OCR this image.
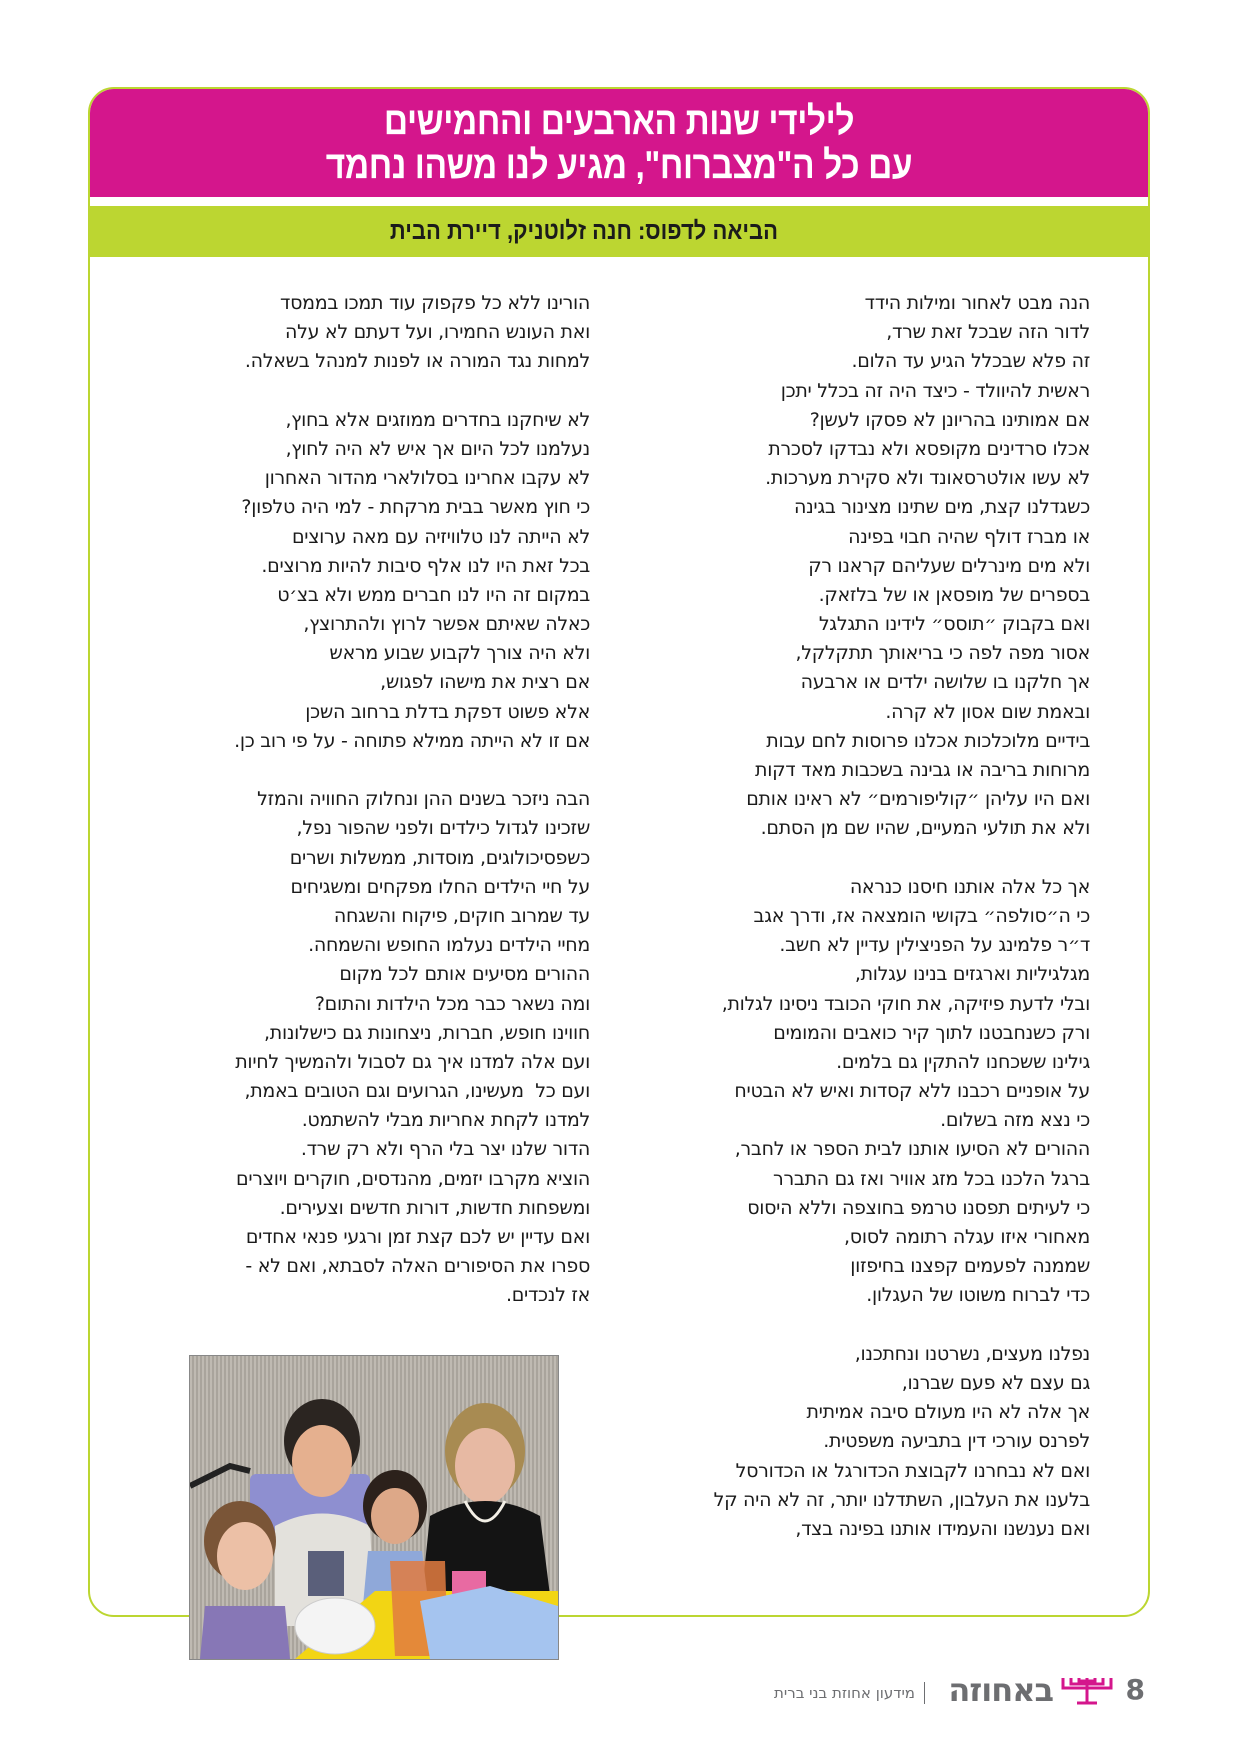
לילידי שנות הארבעים והחמישים
עם כל ה"מצברוח", מגיע לנו משהו נחמד
הביאה לדפוס: חנה זלוטניק, דיירת הבית
הנה מבט לאחור ומילות הידד
לדור הזה שבכל זאת שרד,
זה פלא שבכלל הגיע עד הלום.
ראשית להיוולד - כיצד היה זה בכלל יתכן
אם אמותינו בהריונן לא פסקו לעשן?
אכלו סרדינים מקופסא ולא נבדקו לסכרת
לא עשו אולטרסאונד ולא סקירת מערכות.
כשגדלנו קצת, מים שתינו מצינור בגינה
או מברז דולף שהיה חבוי בפינה
ולא מים מינרלים שעליהם קראנו רק
בספרים של מופסאן או של בלזאק.
ואם בקבוק ״תוסס״ לידינו התגלגל
אסור מפה לפה כי בריאותך תתקלקל,
אך חלקנו בו שלושה ילדים או ארבעה
ובאמת שום אסון לא קרה.
בידיים מלוכלכות אכלנו פרוסות לחם עבות
מרוחות בריבה או גבינה בשכבות מאד דקות
ואם היו עליהן ״קוליפורמים״ לא ראינו אותם
ולא את תולעי המעיים, שהיו שם מן הסתם.
אך כל אלה אותנו חיסנו כנראה
כי ה״סולפה״ בקושי הומצאה אז, ודרך אגב
ד״ר פלמינג על הפניצילין עדיין לא חשב.
מגלגיליות וארגזים בנינו עגלות,
ובלי לדעת פיזיקה, את חוקי הכובד ניסינו לגלות,
ורק כשנחבטנו לתוך קיר כואבים והמומים
גילינו ששכחנו להתקין גם בלמים.
על אופניים רכבנו ללא קסדות ואיש לא הבטיח
כי נצא מזה בשלום.
ההורים לא הסיעו אותנו לבית הספר או לחבר,
ברגל הלכנו בכל מזג אוויר ואז גם התברר
כי לעיתים תפסנו טרמפ בחוצפה וללא היסוס
מאחורי איזו עגלה רתומה לסוס,
שממנה לפעמים קפצנו בחיפזון
כדי לברוח משוטו של העגלון.
נפלנו מעצים, נשרטנו ונחתכנו,
גם עצם לא פעם שברנו,
אך אלה לא היו מעולם סיבה אמיתית
לפרנס עורכי דין בתביעה משפטית.
ואם לא נבחרנו לקבוצת הכדורגל או הכדורסל
בלענו את העלבון, השתדלנו יותר, זה לא היה קל
ואם נענשנו והעמידו אותנו בפינה בצד,
הורינו ללא כל פקפוק עוד תמכו בממסד
ואת העונש החמירו, ועל דעתם לא עלה
למחות נגד המורה או לפנות למנהל בשאלה.
לא שיחקנו בחדרים ממוזגים אלא בחוץ,
נעלמנו לכל היום אך איש לא היה לחוץ,
לא עקבו אחרינו בסלולארי מהדור האחרון
כי חוץ מאשר בבית מרקחת - למי היה טלפון?
לא הייתה לנו טלוויזיה עם מאה ערוצים
בכל זאת היו לנו אלף סיבות להיות מרוצים.
במקום זה היו לנו חברים ממש ולא בצ׳ט
כאלה שאיתם אפשר לרוץ ולהתרוצץ,
ולא היה צורך לקבוע שבוע מראש
אם רצית את מישהו לפגוש,
אלא פשוט דפקת בדלת ברחוב השכן
אם זו לא הייתה ממילא פתוחה - על פי רוב כן.
הבה ניזכר בשנים ההן ונחלוק החוויה והמזל
שזכינו לגדול כילדים ולפני שהפור נפל,
כשפסיכולוגים, מוסדות, ממשלות ושרים
על חיי הילדים החלו מפקחים ומשגיחים
עד שמרוב חוקים, פיקוח והשגחה
מחיי הילדים נעלמו החופש והשמחה.
ההורים מסיעים אותם לכל מקום
ומה נשאר כבר מכל הילדות והתום?
חווינו חופש, חברות, ניצחונות גם כישלונות,
ועם אלה למדנו איך גם לסבול ולהמשיך לחיות
ועם כל  מעשינו, הגרועים וגם הטובים באמת,
למדנו לקחת אחריות מבלי להשתמט.
הדור שלנו יצר בלי הרף ולא רק שרד.
הוציא מקרבו יזמים, מהנדסים, חוקרים ויוצרים
ומשפחות חדשות, דורות חדשים וצעירים.
ואם עדיין יש לכם קצת זמן ורגעי פנאי אחדים
ספרו את הסיפורים האלה לסבתא, ואם לא -
אז לנכדים.
8
באחוזה
מידעון אחוזת בני ברית
